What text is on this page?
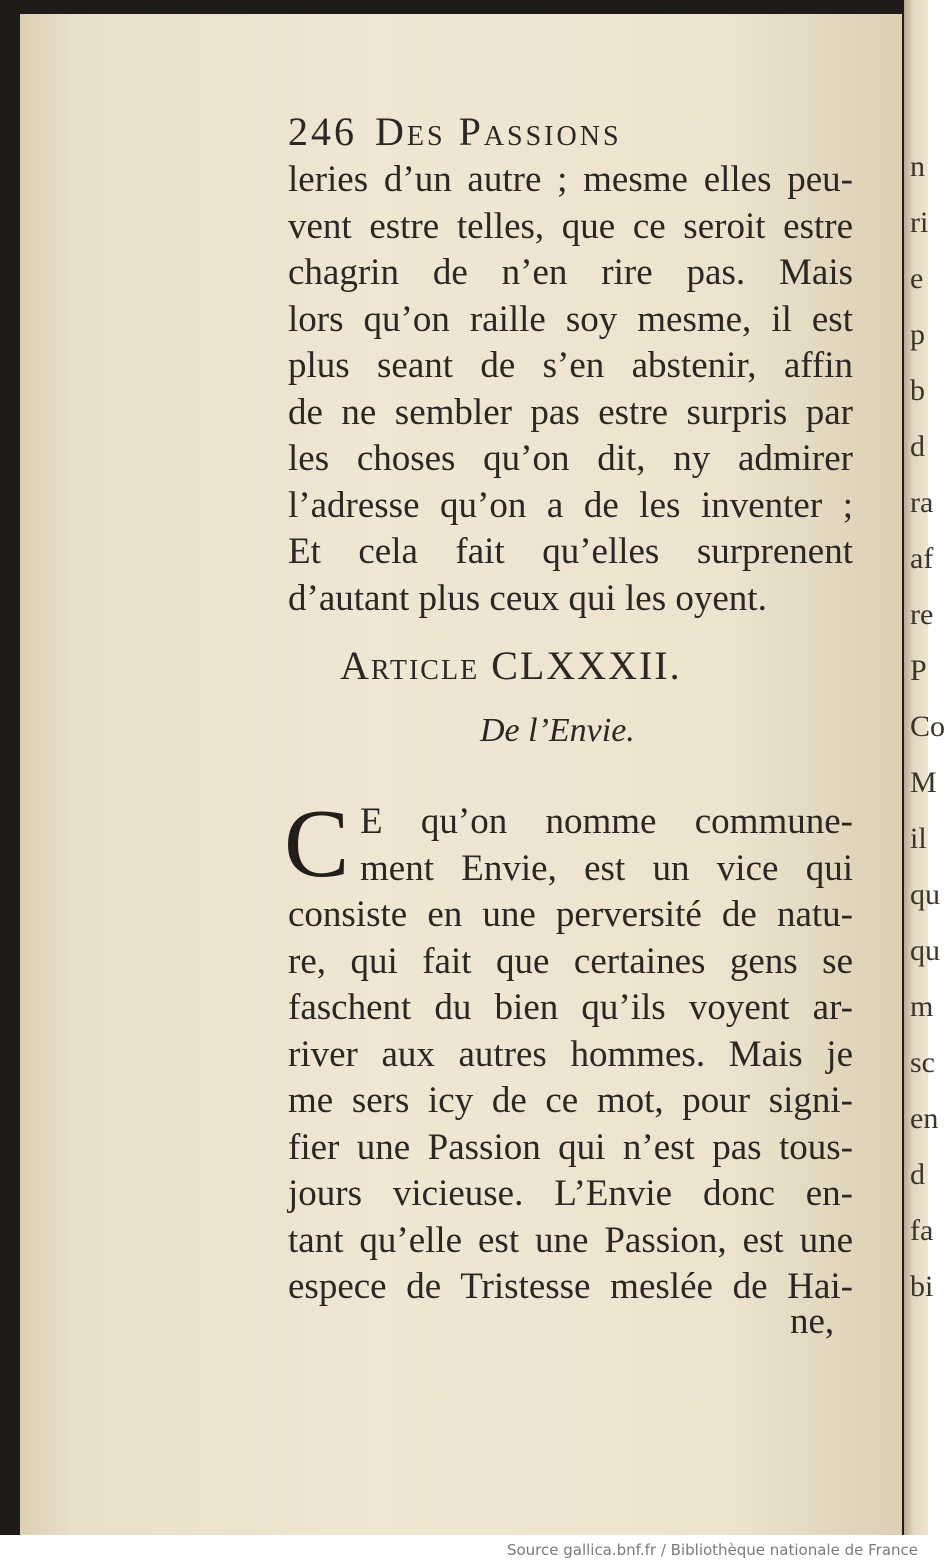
n
ri
e
p
b
d
ra
af
re
P
Co
M
il
qu
qu
m
sc
en
d
fa
bi
246 Des Passions
leries d’un autre ; mesme elles peu-
vent estre telles, que ce seroit estre
chagrin de n’en rire pas. Mais
lors qu’on raille soy mesme, il est
plus seant de s’en abstenir, affin
de ne sembler pas estre surpris par
les choses qu’on dit, ny admirer
l’adresse qu’on a de les inventer ;
Et cela fait qu’elles surprenent
d’autant plus ceux qui les oyent.
Article CLXXXII.
De l’Envie.
C E qu’on nomme commune-
ment Envie, est un vice qui
consiste en une perversité de natu-
re, qui fait que certaines gens se
faschent du bien qu’ils voyent ar-
river aux autres hommes. Mais je
me sers icy de ce mot, pour signi-
fier une Passion qui n’est pas tous-
jours vicieuse. L’Envie donc en-
tant qu’elle est une Passion, est une
espece de Tristesse meslée de Hai-
ne,
Source gallica.bnf.fr / Bibliothèque nationale de France
